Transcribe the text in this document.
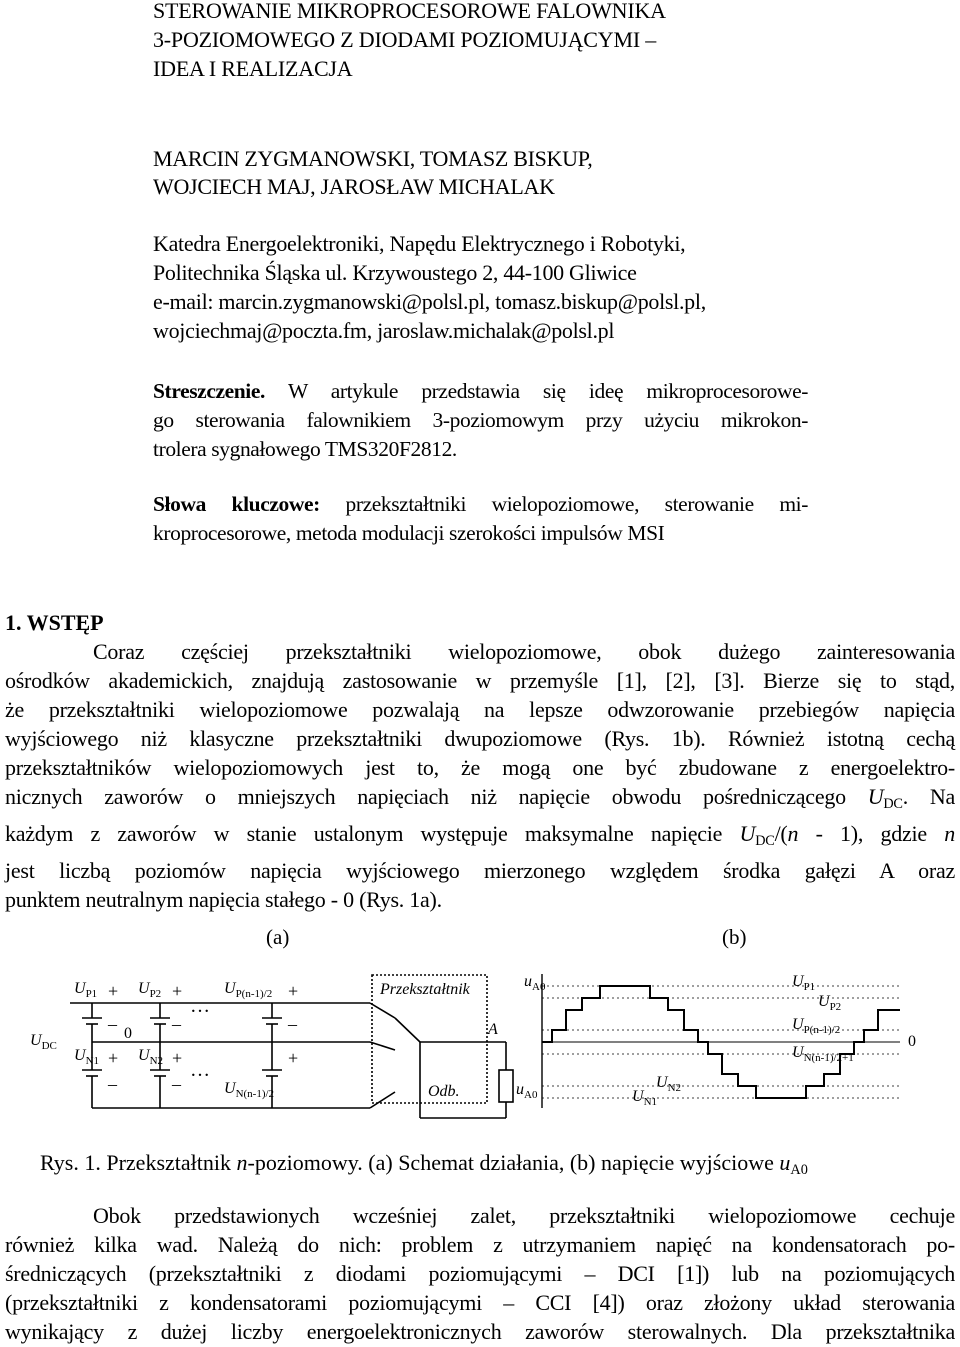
STEROWANIE MIKROPROCESOROWE FALOWNIKA
3-POZIOMOWEGO Z DIODAMI POZIOMUJĄCYMI –
IDEA I REALIZACJA
MARCIN ZYGMANOWSKI, TOMASZ BISKUP,
WOJCIECH MAJ, JAROSŁAW MICHALAK
Katedra Energoelektroniki, Napędu Elektrycznego i Robotyki,
Politechnika Śląska ul. Krzywoustego 2, 44-100 Gliwice
e-mail: marcin.zygmanowski@polsl.pl, tomasz.biskup@polsl.pl,
wojciechmaj@poczta.fm, jaroslaw.michalak@polsl.pl
Streszczenie. W artykule przedstawia się ideę mikroprocesorowe-
go sterowania falownikiem 3-poziomowym przy użyciu mikrokon-
trolera sygnałowego TMS320F2812.
Słowa kluczowe: przekształtniki wielopoziomowe, sterowanie mi-
kroprocesorowe, metoda modulacji szerokości impulsów MSI
1. WSTĘP
Coraz częściej przekształtniki wielopoziomowe, obok dużego zainteresowania
ośrodków akademickich, znajdują zastosowanie w przemyśle [1], [2], [3]. Bierze się to stąd,
że przekształtniki wielopoziomowe pozwalają na lepsze odwzorowanie przebiegów napięcia
wyjściowego niż klasyczne przekształtniki dwupoziomowe (Rys. 1b). Również istotną cechą
przekształtników wielopoziomowych jest to, że mogą one być zbudowane z energoelektro-
nicznych zaworów o mniejszych napięciach niż napięcie obwodu pośredniczącego $U_{DC}$. Na
każdym z zaworów w stanie ustalonym występuje maksymalne napięcie $U_{DC}/(n - 1)$, gdzie n
jest liczbą poziomów napięcia wyjściowego mierzonego względem środka gałęzi A oraz
punktem neutralnym napięcia stałego - 0 (Rys. 1a).
(a)	(b)
$U_{DC}$
$U_{P1}$	$U_{P2}$	$U_{P(n-1)/2}$
$U_{N1}$ $U_{N2}$
$U_{N(n-1)/2}$
+	+	+
+	+	+
–	–	–
–	–
…
…
0	A
Przekształtnik
Odb.	$u_{A0}$
$u_{A0}$	$U_{P1}$
$U_{P2}$
$U_{P(n-1)/2}$
$U_{N(n-1)/2+1}$
0
$U_{N2}$
$U_{N1}$
Rys. 1. Przekształtnik n-poziomowy. (a) Schemat działania, (b) napięcie wyjściowe $u_{A0}$
Obok przedstawionych wcześniej zalet, przekształtniki wielopoziomowe cechuje
również kilka wad. Należą do nich: problem z utrzymaniem napięć na kondensatorach po-
średniczących (przekształtniki z diodami poziomującymi – DCI [1]) lub na poziomujących
(przekształtniki z kondensatorami poziomującymi – CCI [4]) oraz złożony układ sterowania
wynikający z dużej liczby energoelektronicznych zaworów sterowalnych. Dla przekształtnika
